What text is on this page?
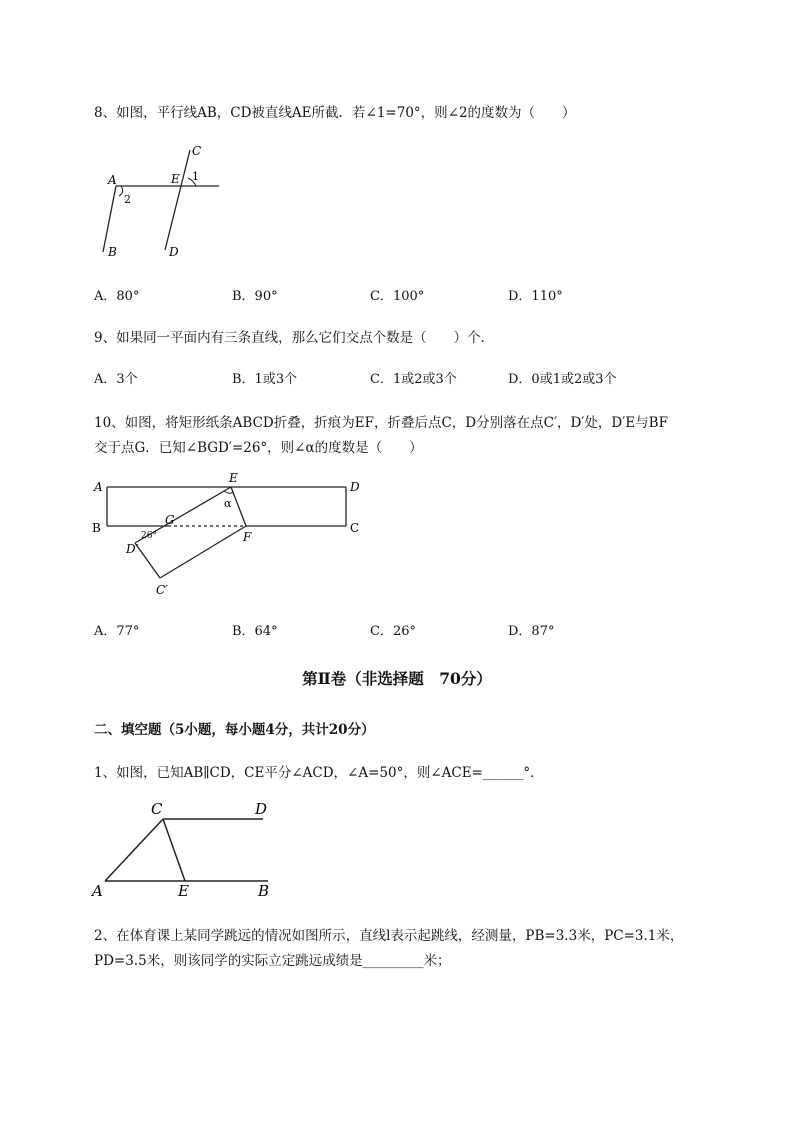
8、如图，平行线AB，CD被直线AE所截．若∠1=70°，则∠2的度数为（　　）
A
B
C
D
E 1
2
A．80°	B．90°	C．100°	D．110°
9、如果同一平面内有三条直线，那么它们交点个数是（　　）个．
A．3个	B．1或3个	C．1或2或3个	D．0或1或2或3个
10、如图，将矩形纸条ABCD折叠，折痕为EF，折叠后点C，D分别落在点C′，D′处，D′E与BF
交于点G．已知∠BGD′=26°，则∠α的度数是（　　）
A
B
D
C
E
F
G
D′
C′
α
26°
A．77°	B．64°	C．26°	D．87°
第Ⅱ卷（非选择题　70分）
二、填空题（5小题，每小题4分，共计20分）
1、如图，已知AB∥CD，CE平分∠ACD，∠A=50°，则∠ACE=______°．
C	D
A	E	B
2、在体育课上某同学跳远的情况如图所示，直线l表示起跳线，经测量，PB=3.3米，PC=3.1米，
PD=3.5米，则该同学的实际立定跳远成绩是_________米；
